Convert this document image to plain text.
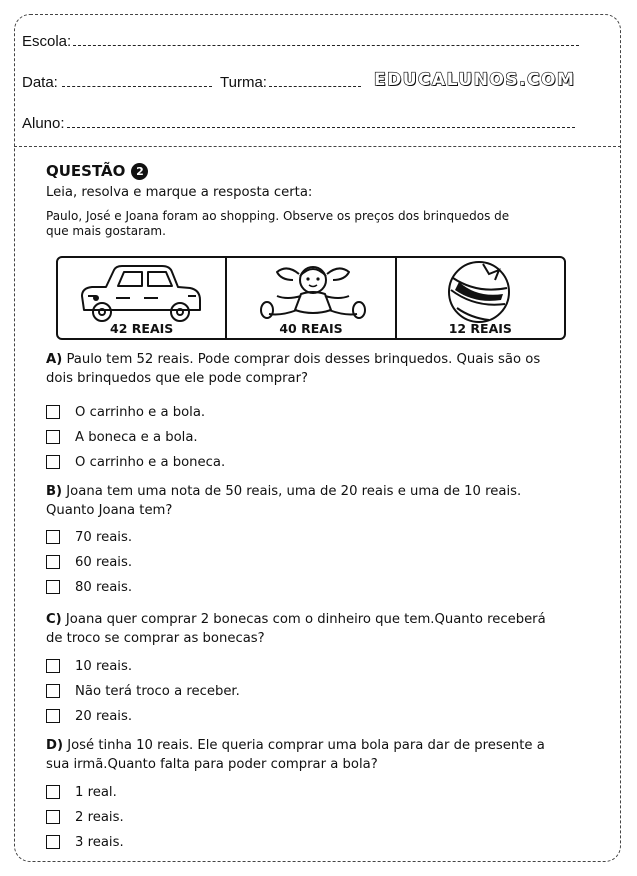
Escola:
Data:	Turma:	EDUCALUNOS.COM
Aluno:
QUESTÃO 2
Leia, resolva e marque a resposta certa:
Paulo, José e Joana foram ao shopping. Observe os preços dos brinquedos de
que mais gostaram.
42 REAIS	40 REAIS	12 REAIS
A) Paulo tem 52 reais. Pode comprar dois desses brinquedos. Quais são os
dois brinquedos que ele pode comprar?
O carrinho e a bola.
A boneca e a bola.
O carrinho e a boneca.
B) Joana tem uma nota de 50 reais, uma de 20 reais e uma de 10 reais.
Quanto Joana tem?
70 reais.
60 reais.
80 reais.
C) Joana quer comprar 2 bonecas com o dinheiro que tem.Quanto receberá
de troco se comprar as bonecas?
10 reais.
Não terá troco a receber.
20 reais.
D) José tinha 10 reais. Ele queria comprar uma bola para dar de presente a
sua irmã.Quanto falta para poder comprar a bola?
1 real.
2 reais.
3 reais.
